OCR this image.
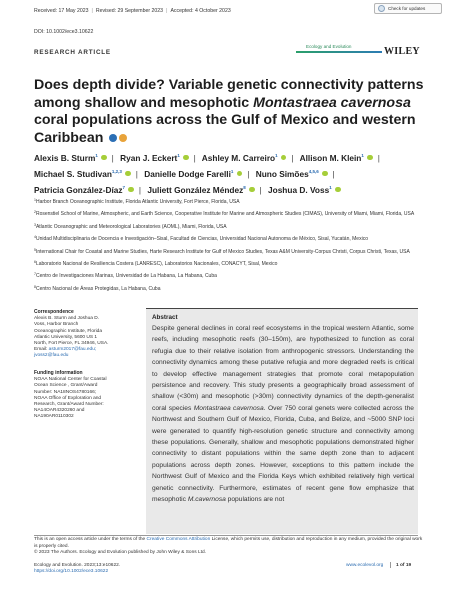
Received: 17 May 2023 | Revised: 29 September 2023 | Accepted: 4 October 2023
DOI: 10.1002/ece3.10622
Check for updates
RESEARCH ARTICLE
Ecology and Evolution	WILEY
Does depth divide? Variable genetic connectivity patterns among shallow and mesophotic Montastraea cavernosa coral populations across the Gulf of Mexico and western Caribbean
Alexis B. Sturm$^1$ | Ryan J. Eckert$^1$ | Ashley M. Carreiro$^1$ | Allison M. Klein$^1$ |
Michael S. Studivan$^{1,2,3}$ | Danielle Dodge Farelli$^1$ | Nuno Simões$^{4,5,6}$ |
Patricia González-Díaz$^7$ | Juliett González Méndez$^8$ | Joshua D. Voss$^1$
$^1$Harbor Branch Oceanographic Institute, Florida Atlantic University, Fort Pierce, Florida, USA
$^2$Rosenstiel School of Marine, Atmospheric, and Earth Science, Cooperative Institute for Marine and Atmospheric Studies (CIMAS), University of Miami, Miami, Florida, USA
$^3$Atlantic Oceanographic and Meteorological Laboratories (AOML), Miami, Florida, USA
$^4$Unidad Multidisciplinaria de Docencia e Investigación–Sisal, Facultad de Ciencias, Universidad Nacional Autonoma de México, Sisal, Yucatán, Mexico
$^5$International Chair for Coastal and Marine Studies, Harte Research Institute for Gulf of Mexico Studies, Texas A&M University-Corpus Christi, Corpus Christi, Texas, USA
$^6$Laboratorio Nacional de Resiliencia Costera (LANRESC), Laboratorios Nacionales, CONACYT, Sisal, Mexico
$^7$Centro de Investigaciones Marinas, Universidad de La Habana, La Habana, Cuba
$^8$Centro Nacional de Áreas Protegidas, La Habana, Cuba
Correspondence
Alexis B. Sturm and Joshua D. Voss, Harbor Branch Oceanographic Institute, Florida Atlantic University, 5600 US 1 North, Fort Pierce, FL 34946, USA.
Email: asturm2017@fau.edu; jvoss2@fau.edu
Funding information
NOAA National Center for Coastal Ocean Science , Grant/Award Number: NA18NOS4780166; NOAA Office of Exploration and Research, Grant/Award Number: NA14OAR4320260 and NA190AR0110302
Abstract
Despite general declines in coral reef ecosystems in the tropical western Atlantic, some reefs, including mesophotic reefs (30–150m), are hypothesized to function as coral refugia due to their relative isolation from anthropogenic stressors. Understanding the connectivity dynamics among these putative refugia and more degraded reefs is critical to develop effective management strategies that promote coral metapopulation persistence and recovery. This study presents a geographically broad assessment of shallow (<30m) and mesophotic (>30m) connectivity dynamics of the depth-generalist coral species Montastraea cavernosa. Over 750 coral genets were collected across the Northwest and Southern Gulf of Mexico, Florida, Cuba, and Belize, and ~5000 SNP loci were generated to quantify high-resolution genetic structure and connectivity among these populations. Generally, shallow and mesophotic populations demonstrated higher connectivity to distant populations within the same depth zone than to adjacent populations across depth zones. However, exceptions to this pattern include the Northwest Gulf of Mexico and the Florida Keys which exhibited relatively high vertical genetic connectivity. Furthermore, estimates of recent gene flow emphasize that mesophotic M.cavernosa populations are not
This is an open access article under the terms of the Creative Commons Attribution License, which permits use, distribution and reproduction in any medium, provided the original work is properly cited.
© 2023 The Authors. Ecology and Evolution published by John Wiley & Sons Ltd.
Ecology and Evolution. 2023;13:e10622.
https://doi.org/10.1002/ece3.10622
www.ecolevol.org	1 of 19
